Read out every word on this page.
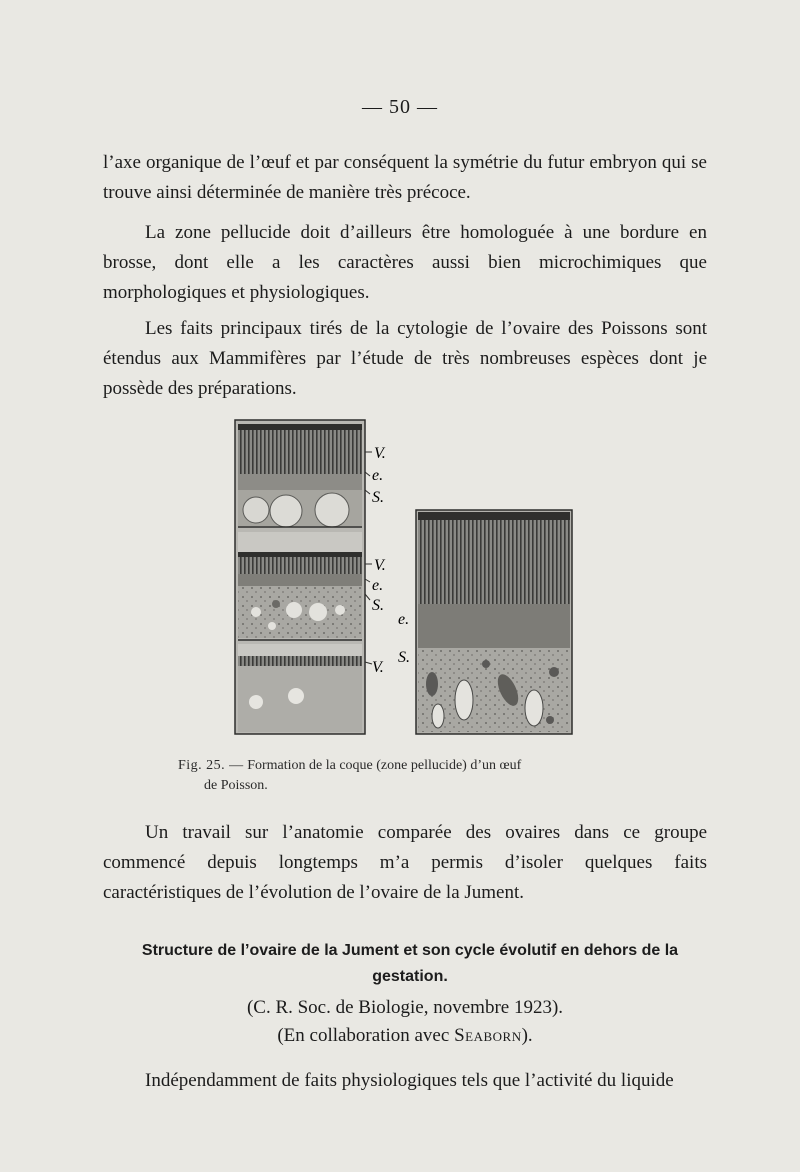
— 50 —

l’axe organique de l’œuf et par conséquent la symétrie du futur embryon qui se trouve ainsi déterminée de manière très précoce.

La zone pellucide doit d’ailleurs être homologuée à une bordure en brosse, dont elle a les caractères aussi bien microchimiques que morphologiques et physiologiques.

Les faits principaux tirés de la cytologie de l’ovaire des Poissons sont étendus aux Mammifères par l’étude de très nombreuses espèces dont je possède des préparations.

V.
e.
S.
V.
e.
S.
V.
e.
S.

Fig. 25. — Formation de la coque (zone pellucide) d’un œuf
de Poisson.

Un travail sur l’anatomie comparée des ovaires dans ce groupe commencé depuis longtemps m’a permis d’isoler quelques faits caractéristiques de l’évolution de l’ovaire de la Jument.

Structure de l’ovaire de la Jument et son cycle évolutif en dehors de la gestation.

(C. R. Soc. de Biologie, novembre 1923).

(En collaboration avec Seaborn).

Indépendamment de faits physiologiques tels que l’activité du liquide
